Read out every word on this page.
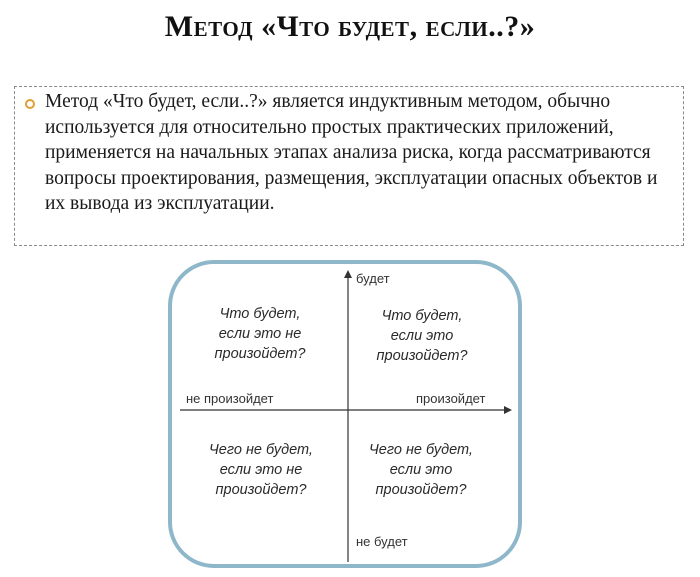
Метод «Что будет, если..?»
Метод «Что будет, если..?» является индуктивным методом, обычно используется для относительно простых практических приложений, применяется на начальных этапах анализа риска, когда рассматриваются вопросы проектирования, размещения, эксплуатации опасных объектов и их вывода из эксплуатации.
будет
не будет
не произойдет	произойдет
Что будет,
если это не
произойдет?
Что будет,
если это
произойдет?
Чего не будет,
если это не
произойдет?
Чего не будет,
если это
произойдет?
